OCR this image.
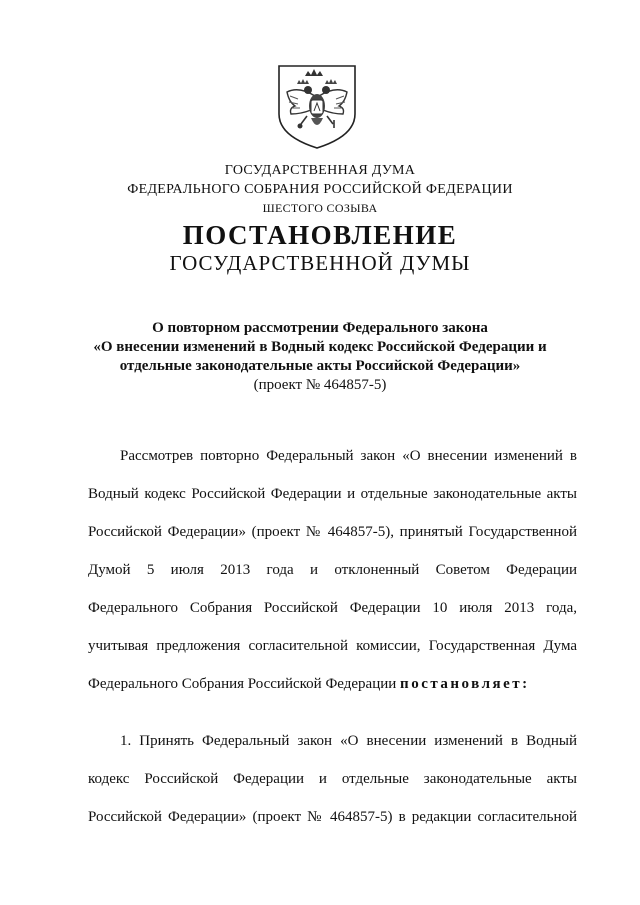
ГОСУДАРСТВЕННАЯ ДУМА
ФЕДЕРАЛЬНОГО СОБРАНИЯ РОССИЙСКОЙ ФЕДЕРАЦИИ
ШЕСТОГО СОЗЫВА
ПОСТАНОВЛЕНИЕ
ГОСУДАРСТВЕННОЙ ДУМЫ
О повторном рассмотрении Федерального закона
«О внесении изменений в Водный кодекс Российской Федерации и
отдельные законодательные акты Российской Федерации»
(проект № 464857-5)
Рассмотрев повторно Федеральный закон «О внесении изменений в
Водный кодекс Российской Федерации и отдельные законодательные акты
Российской Федерации» (проект № 464857-5), принятый Государственной
Думой 5 июля 2013 года и отклоненный Советом Федерации
Федерального Собрания Российской Федерации 10 июля 2013 года,
учитывая предложения согласительной комиссии, Государственная Дума
Федерального Собрания Российской Федерации постановляет:
1. Принять Федеральный закон «О внесении изменений в Водный
кодекс Российской Федерации и отдельные законодательные акты
Российской Федерации» (проект № 464857-5) в редакции согласительной
